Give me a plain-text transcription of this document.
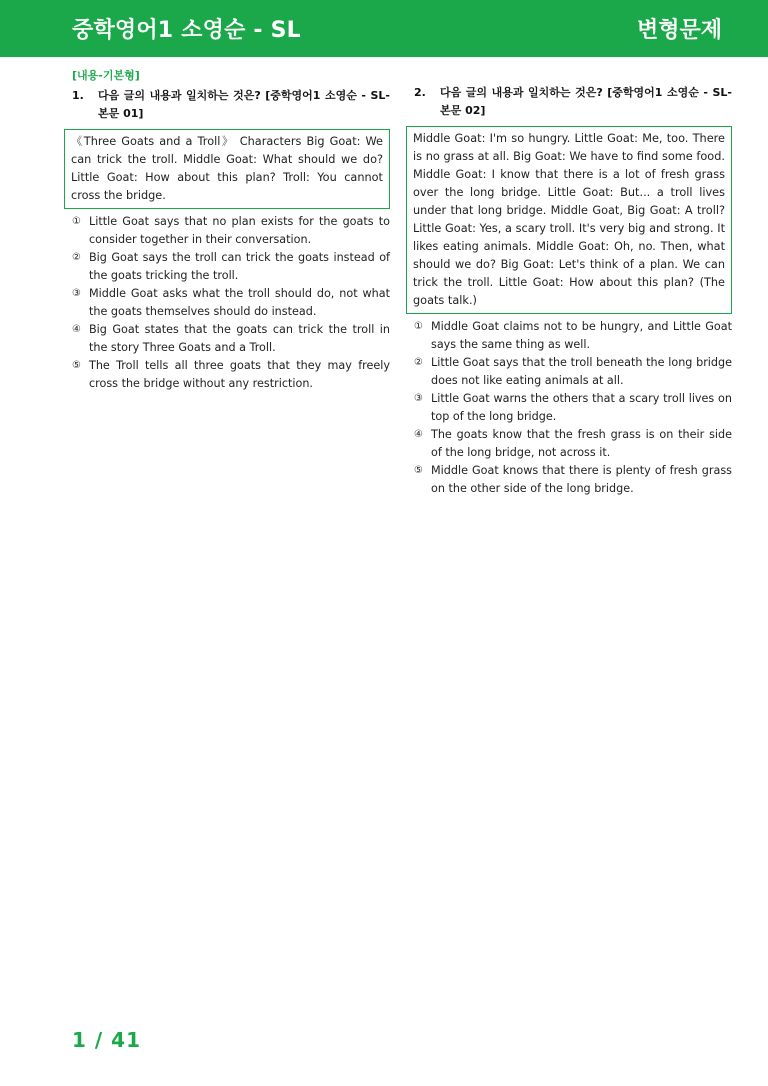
중학영어1 소영순 - SL	변형문제
[내용-기본형]
1.	다음 글의 내용과 일치하는 것은? [중학영어1 소영순 - SL-본문 01]
《Three Goats and a Troll》 Characters Big Goat: We can trick the troll. Middle Goat: What should we do? Little Goat: How about this plan? Troll: You cannot cross the bridge.
① Little Goat says that no plan exists for the goats to consider together in their conversation.
② Big Goat says the troll can trick the goats instead of the goats tricking the troll.
③ Middle Goat asks what the troll should do, not what the goats themselves should do instead.
④ Big Goat states that the goats can trick the troll in the story Three Goats and a Troll.
⑤ The Troll tells all three goats that they may freely cross the bridge without any restriction.
2.	다음 글의 내용과 일치하는 것은? [중학영어1 소영순 - SL-본문 02]
Middle Goat: I'm so hungry. Little Goat: Me, too. There is no grass at all. Big Goat: We have to find some food. Middle Goat: I know that there is a lot of fresh grass over the long bridge. Little Goat: But... a troll lives under that long bridge. Middle Goat, Big Goat: A troll? Little Goat: Yes, a scary troll. It's very big and strong. It likes eating animals. Middle Goat: Oh, no. Then, what should we do? Big Goat: Let's think of a plan. We can trick the troll. Little Goat: How about this plan? (The goats talk.)
① Middle Goat claims not to be hungry, and Little Goat says the same thing as well.
② Little Goat says that the troll beneath the long bridge does not like eating animals at all.
③ Little Goat warns the others that a scary troll lives on top of the long bridge.
④ The goats know that the fresh grass is on their side of the long bridge, not across it.
⑤ Middle Goat knows that there is plenty of fresh grass on the other side of the long bridge.
1 / 41
